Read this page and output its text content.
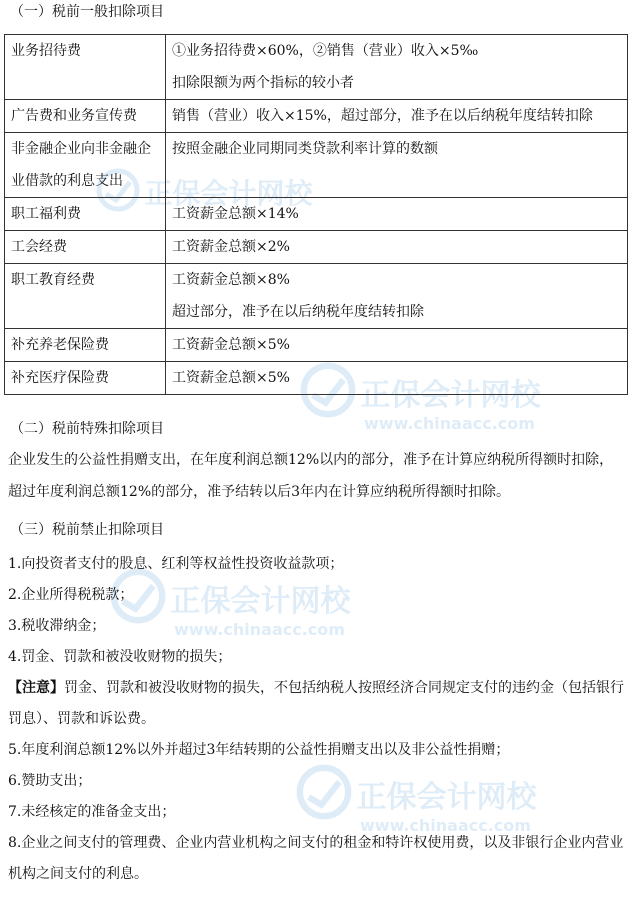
正保会计网校
正保会计网校
www.chinaacc.com
正保会计网校
www.chinaacc.com
正保会计网校
www.chinaacc.com
（一）税前一般扣除项目
业务招待费	①业务招待费×60%，②销售（营业）收入×5‰
扣除限额为两个指标的较小者

广告费和业务宣传费	销售（营业）收入×15%，超过部分，准予在以后纳税年度结转扣除

非金融企业向非金融企业借款的利息支出	按照金融企业同期同类贷款利率计算的数额

职工福利费	工资薪金总额×14%

工会经费	工资薪金总额×2%

职工教育经费	工资薪金总额×8%
超过部分，准予在以后纳税年度结转扣除

补充养老保险费	工资薪金总额×5%

补充医疗保险费	工资薪金总额×5%
（二）税前特殊扣除项目
企业发生的公益性捐赠支出，在年度利润总额12%以内的部分，准予在计算应纳税所得额时扣除，超过年度利润总额12%的部分，准予结转以后3年内在计算应纳税所得额时扣除。
（三）税前禁止扣除项目
1.向投资者支付的股息、红利等权益性投资收益款项；
2.企业所得税税款；
3.税收滞纳金；
4.罚金、罚款和被没收财物的损失；
【注意】罚金、罚款和被没收财物的损失，不包括纳税人按照经济合同规定支付的违约金（包括银行罚息）、罚款和诉讼费。
5.年度利润总额12%以外并超过3年结转期的公益性捐赠支出以及非公益性捐赠；
6.赞助支出；
7.未经核定的准备金支出；
8.企业之间支付的管理费、企业内营业机构之间支付的租金和特许权使用费，以及非银行企业内营业机构之间支付的利息。
